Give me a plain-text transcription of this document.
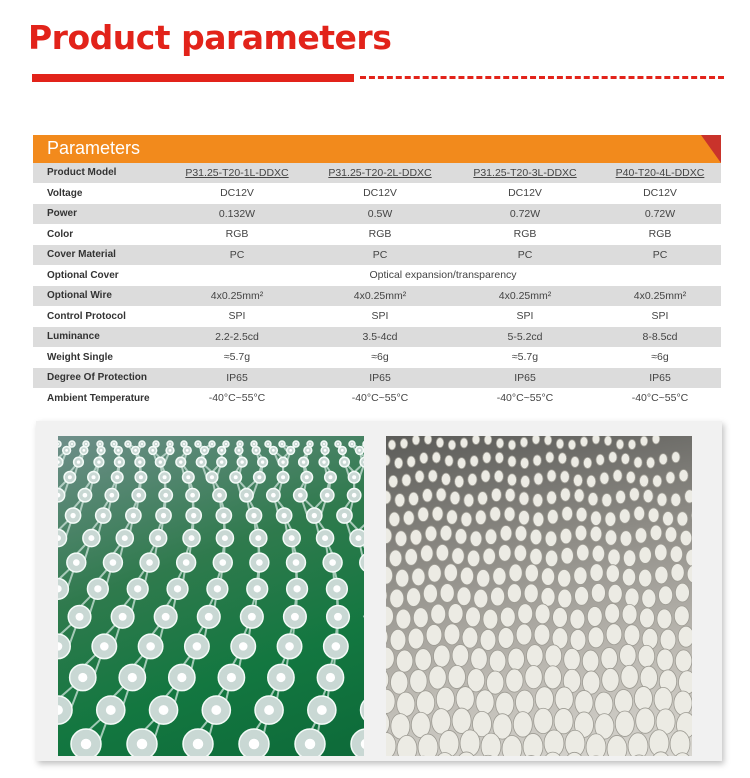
Product parameters
Parameters
Product Model	P31.25-T20-1L-DDXC	P31.25-T20-2L-DDXC	P31.25-T20-3L-DDXC	P40-T20-4L-DDXC
Voltage	DC12V	DC12V	DC12V	DC12V
Power	0.132W	0.5W	0.72W	0.72W
Color	RGB	RGB	RGB	RGB
Cover Material	PC	PC	PC	PC
Optional Cover	Optical expansion/transparency
Optional Wire	4x0.25mm²	4x0.25mm²	4x0.25mm²	4x0.25mm²
Control Protocol	SPI	SPI	SPI	SPI
Luminance	2.2-2.5cd	3.5-4cd	5-5.2cd	8-8.5cd
Weight Single	≈5.7g	≈6g	≈5.7g	≈6g
Degree Of Protection	IP65	IP65	IP65	IP65
Ambient Temperature	-40°C~55°C	-40°C~55°C	-40°C~55°C	-40°C~55°C
